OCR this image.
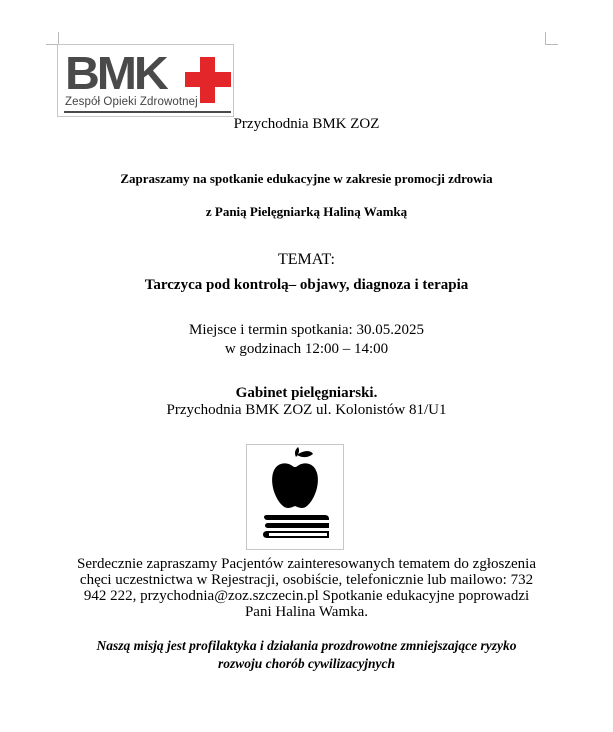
BMK
Zespół Opieki Zdrowotnej
Przychodnia BMK ZOZ
Zapraszamy na spotkanie edukacyjne w zakresie promocji zdrowia
z Panią Pielęgniarką Haliną Wamką
TEMAT:
Tarczyca pod kontrolą– objawy, diagnoza i terapia
Miejsce i termin spotkania: 30.05.2025
w godzinach 12:00 – 14:00
Gabinet pielęgniarski.
Przychodnia BMK ZOZ ul. Kolonistów 81/U1
Serdecznie zapraszamy Pacjentów zainteresowanych tematem do zgłoszenia
chęci uczestnictwa w Rejestracji, osobiście, telefonicznie lub mailowo: 732
942 222, przychodnia@zoz.szczecin.pl Spotkanie edukacyjne poprowadzi
Pani Halina Wamka.
Naszą misją jest profilaktyka i działania prozdrowotne zmniejszające ryzyko
rozwoju chorób cywilizacyjnych
